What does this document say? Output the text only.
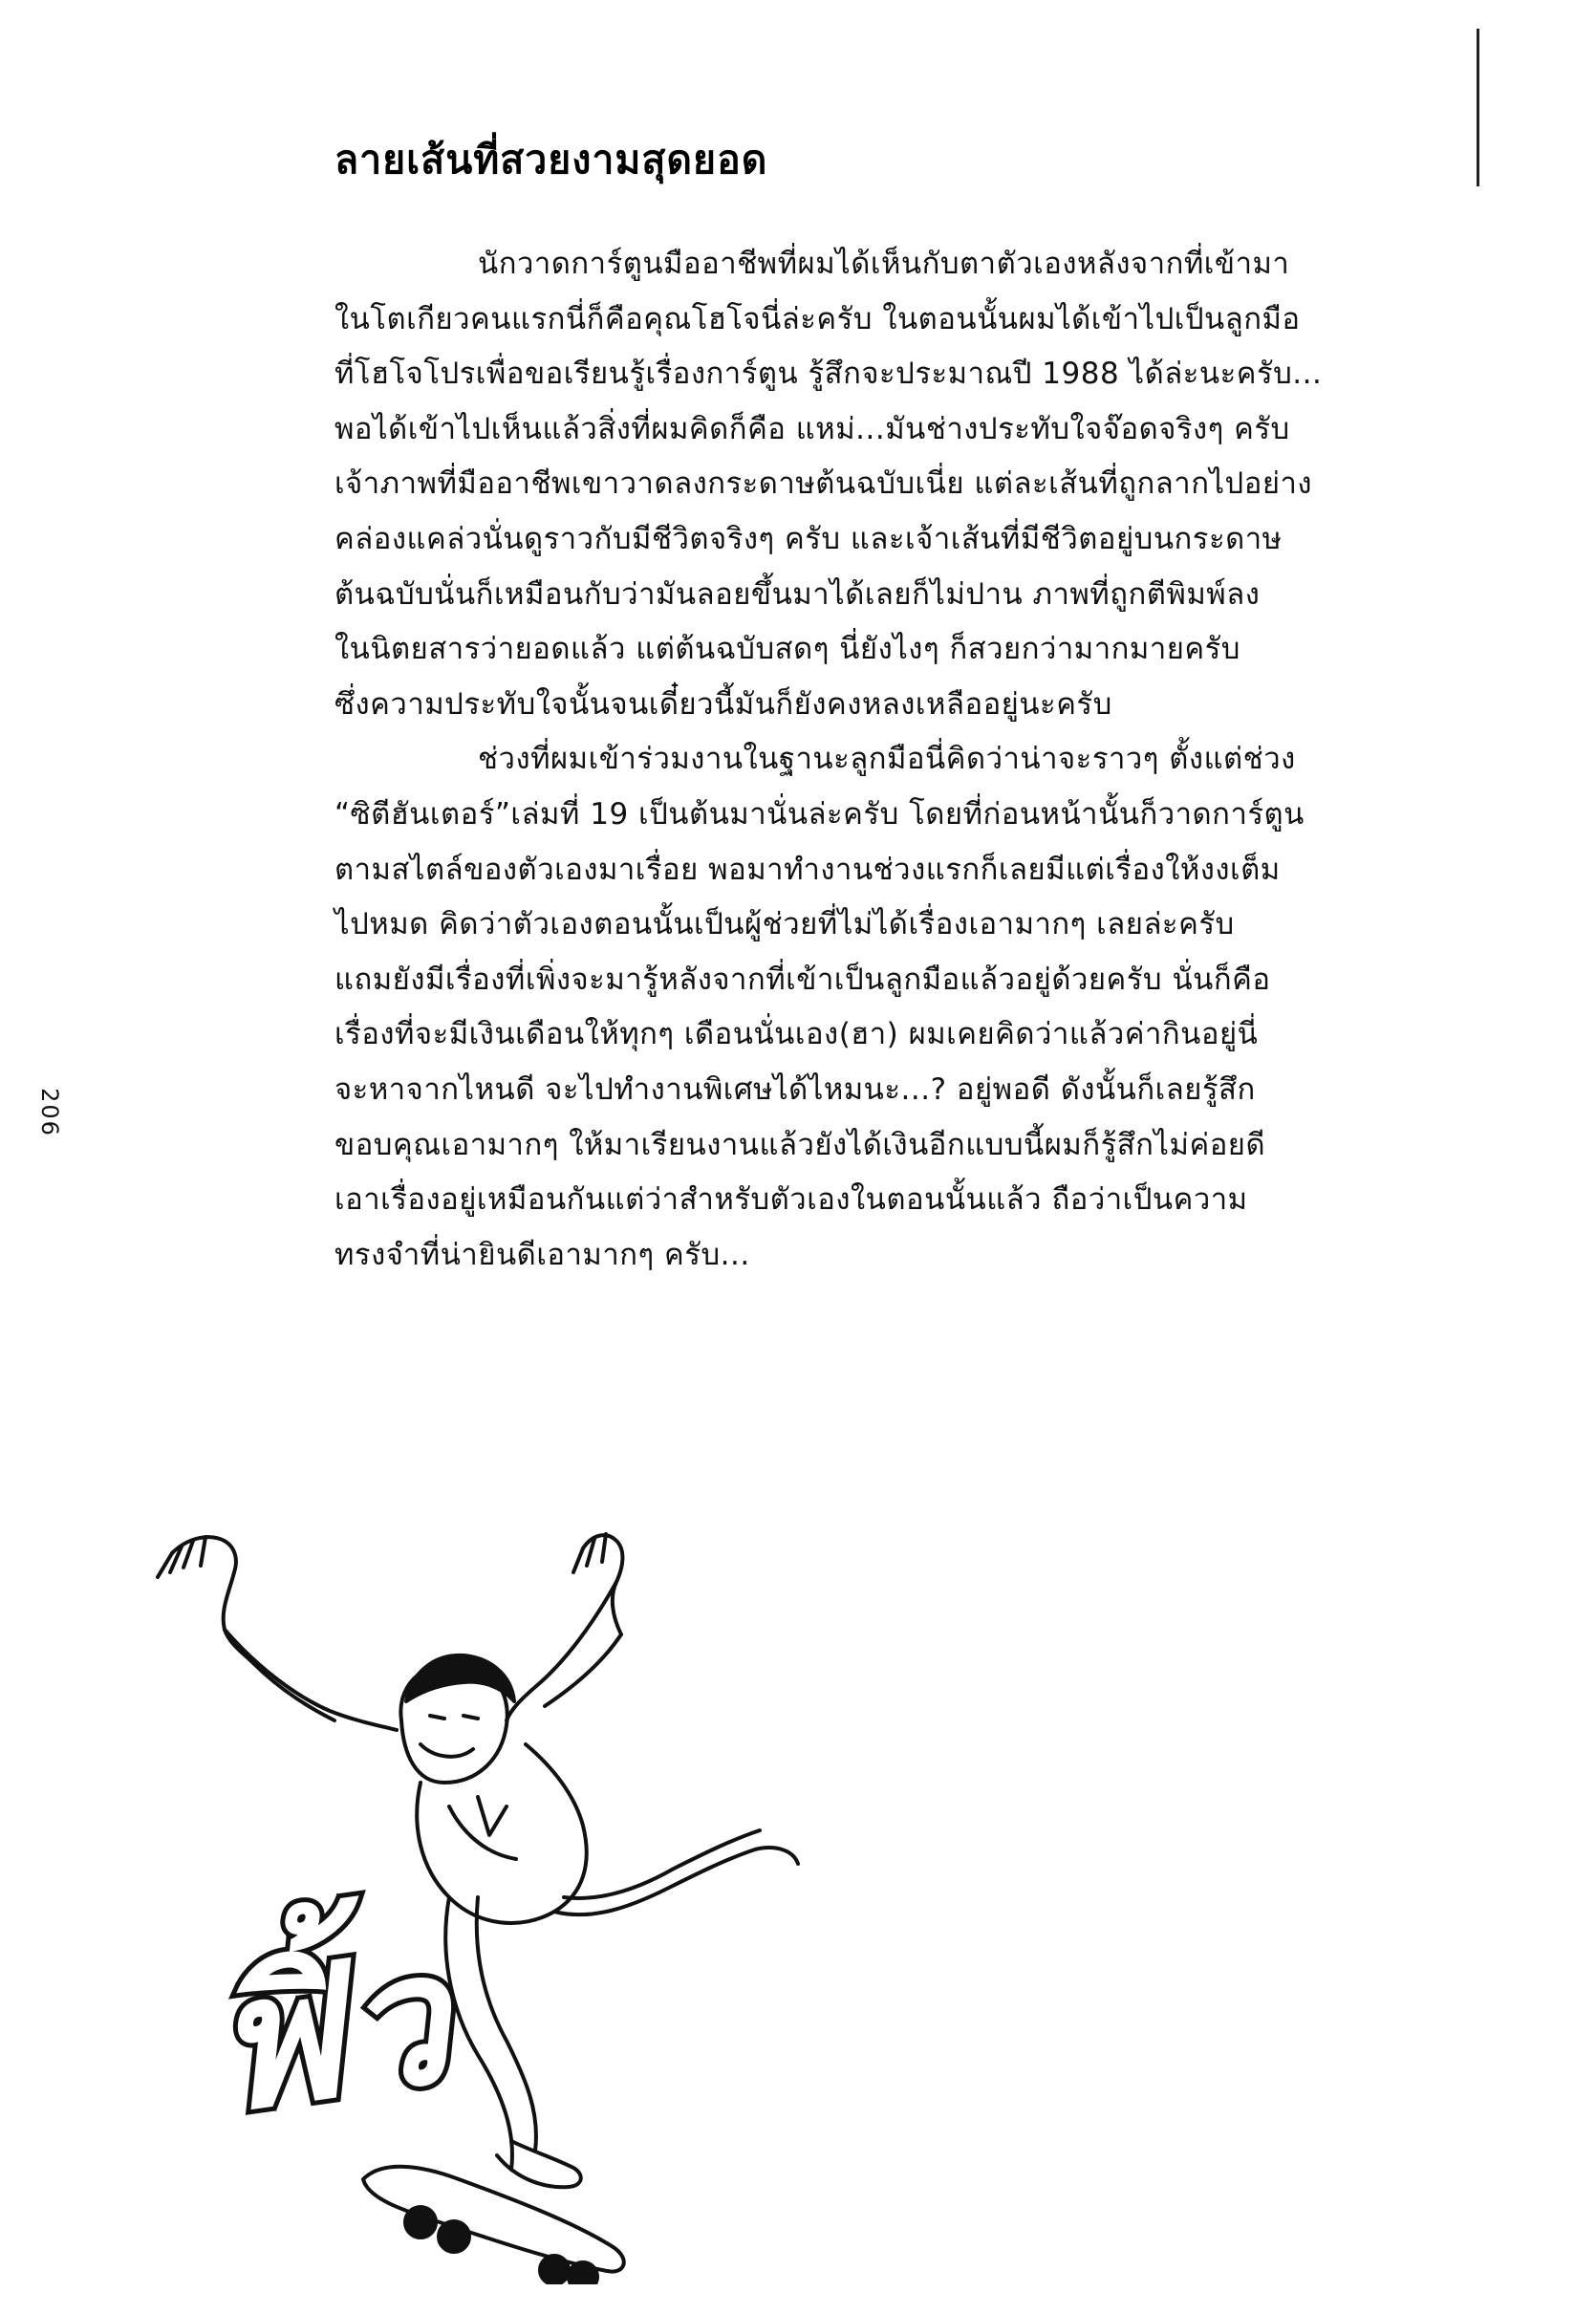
ลายเส้นที่สวยงามสุดยอด

นักวาดการ์ตูนมืออาชีพที่ผมได้เห็นกับตาตัวเองหลังจากที่เข้ามา
ในโตเกียวคนแรกนี่ก็คือคุณโฮโจนี่ล่ะครับ ในตอนนั้นผมได้เข้าไปเป็นลูกมือ
ที่โฮโจโปรเพื่อขอเรียนรู้เรื่องการ์ตูน รู้สึกจะประมาณปี 1988 ได้ล่ะนะครับ...
พอได้เข้าไปเห็นแล้วสิ่งที่ผมคิดก็คือ แหม่...มันช่างประทับใจจ๊อดจริงๆ ครับ
เจ้าภาพที่มืออาชีพเขาวาดลงกระดาษต้นฉบับเนี่ย แต่ละเส้นที่ถูกลากไปอย่าง
คล่องแคล่วนั่นดูราวกับมีชีวิตจริงๆ ครับ และเจ้าเส้นที่มีชีวิตอยู่บนกระดาษ
ต้นฉบับนั่นก็เหมือนกับว่ามันลอยขึ้นมาได้เลยก็ไม่ปาน ภาพที่ถูกตีพิมพ์ลง
ในนิตยสารว่ายอดแล้ว แต่ต้นฉบับสดๆ นี่ยังไงๆ ก็สวยกว่ามากมายครับ
ซึ่งความประทับใจนั้นจนเดี๋ยวนี้มันก็ยังคงหลงเหลืออยู่นะครับ

ช่วงที่ผมเข้าร่วมงานในฐานะลูกมือนี่คิดว่าน่าจะราวๆ ตั้งแต่ช่วง
“ซิตีฮันเตอร์”เล่มที่ 19 เป็นต้นมานั่นล่ะครับ โดยที่ก่อนหน้านั้นก็วาดการ์ตูน
ตามสไตล์ของตัวเองมาเรื่อย พอมาทำงานช่วงแรกก็เลยมีแต่เรื่องให้งงเต็ม
ไปหมด คิดว่าตัวเองตอนนั้นเป็นผู้ช่วยที่ไม่ได้เรื่องเอามากๆ เลยล่ะครับ
แถมยังมีเรื่องที่เพิ่งจะมารู้หลังจากที่เข้าเป็นลูกมือแล้วอยู่ด้วยครับ นั่นก็คือ
เรื่องที่จะมีเงินเดือนให้ทุกๆ เดือนนั่นเอง(ฮา) ผมเคยคิดว่าแล้วค่ากินอยู่นี่
จะหาจากไหนดี จะไปทำงานพิเศษได้ไหมนะ...? อยู่พอดี ดังนั้นก็เลยรู้สึก
ขอบคุณเอามากๆ ให้มาเรียนงานแล้วยังได้เงินอีกแบบนี้ผมก็รู้สึกไม่ค่อยดี
เอาเรื่องอยู่เหมือนกันแต่ว่าสำหรับตัวเองในตอนนั้นแล้ว ถือว่าเป็นความ
ทรงจำที่น่ายินดีเอามากๆ ครับ...

206
ฟิ้ว
